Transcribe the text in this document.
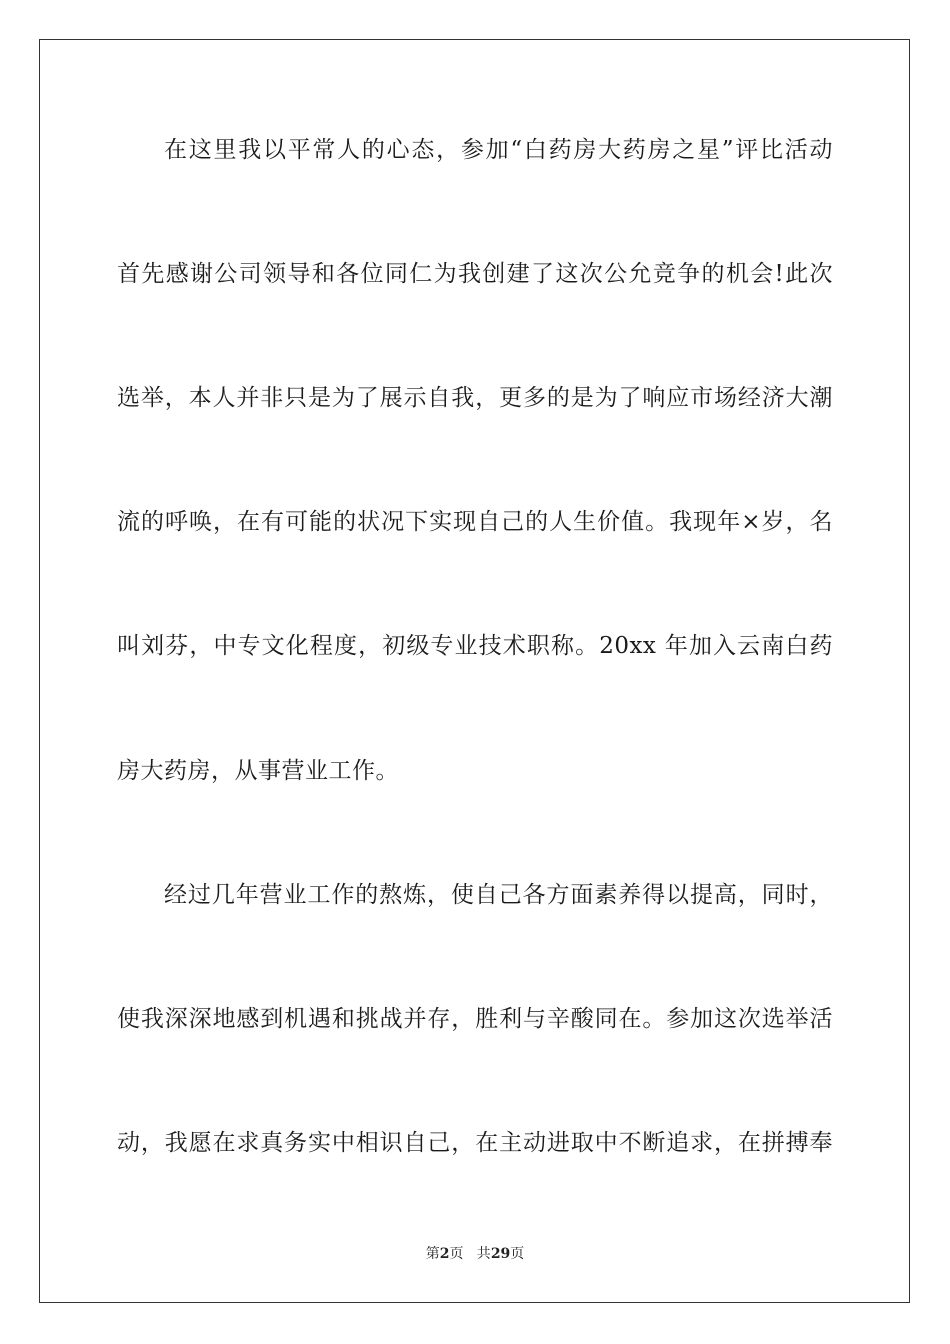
在这里我以平常人的心态，参加“白药房大药房之星”评比活动
首先感谢公司领导和各位同仁为我创建了这次公允竞争的机会!此次
选举，本人并非只是为了展示自我，更多的是为了响应市场经济大潮
流的呼唤，在有可能的状况下实现自己的人生价值。我现年×岁，名
叫刘芬，中专文化程度，初级专业技术职称。20xx 年加入云南白药
房大药房，从事营业工作。
经过几年营业工作的熬炼，使自己各方面素养得以提高，同时，
使我深深地感到机遇和挑战并存，胜利与辛酸同在。参加这次选举活
动，我愿在求真务实中相识自己，在主动进取中不断追求，在拼搏奉
第2页   共29页
